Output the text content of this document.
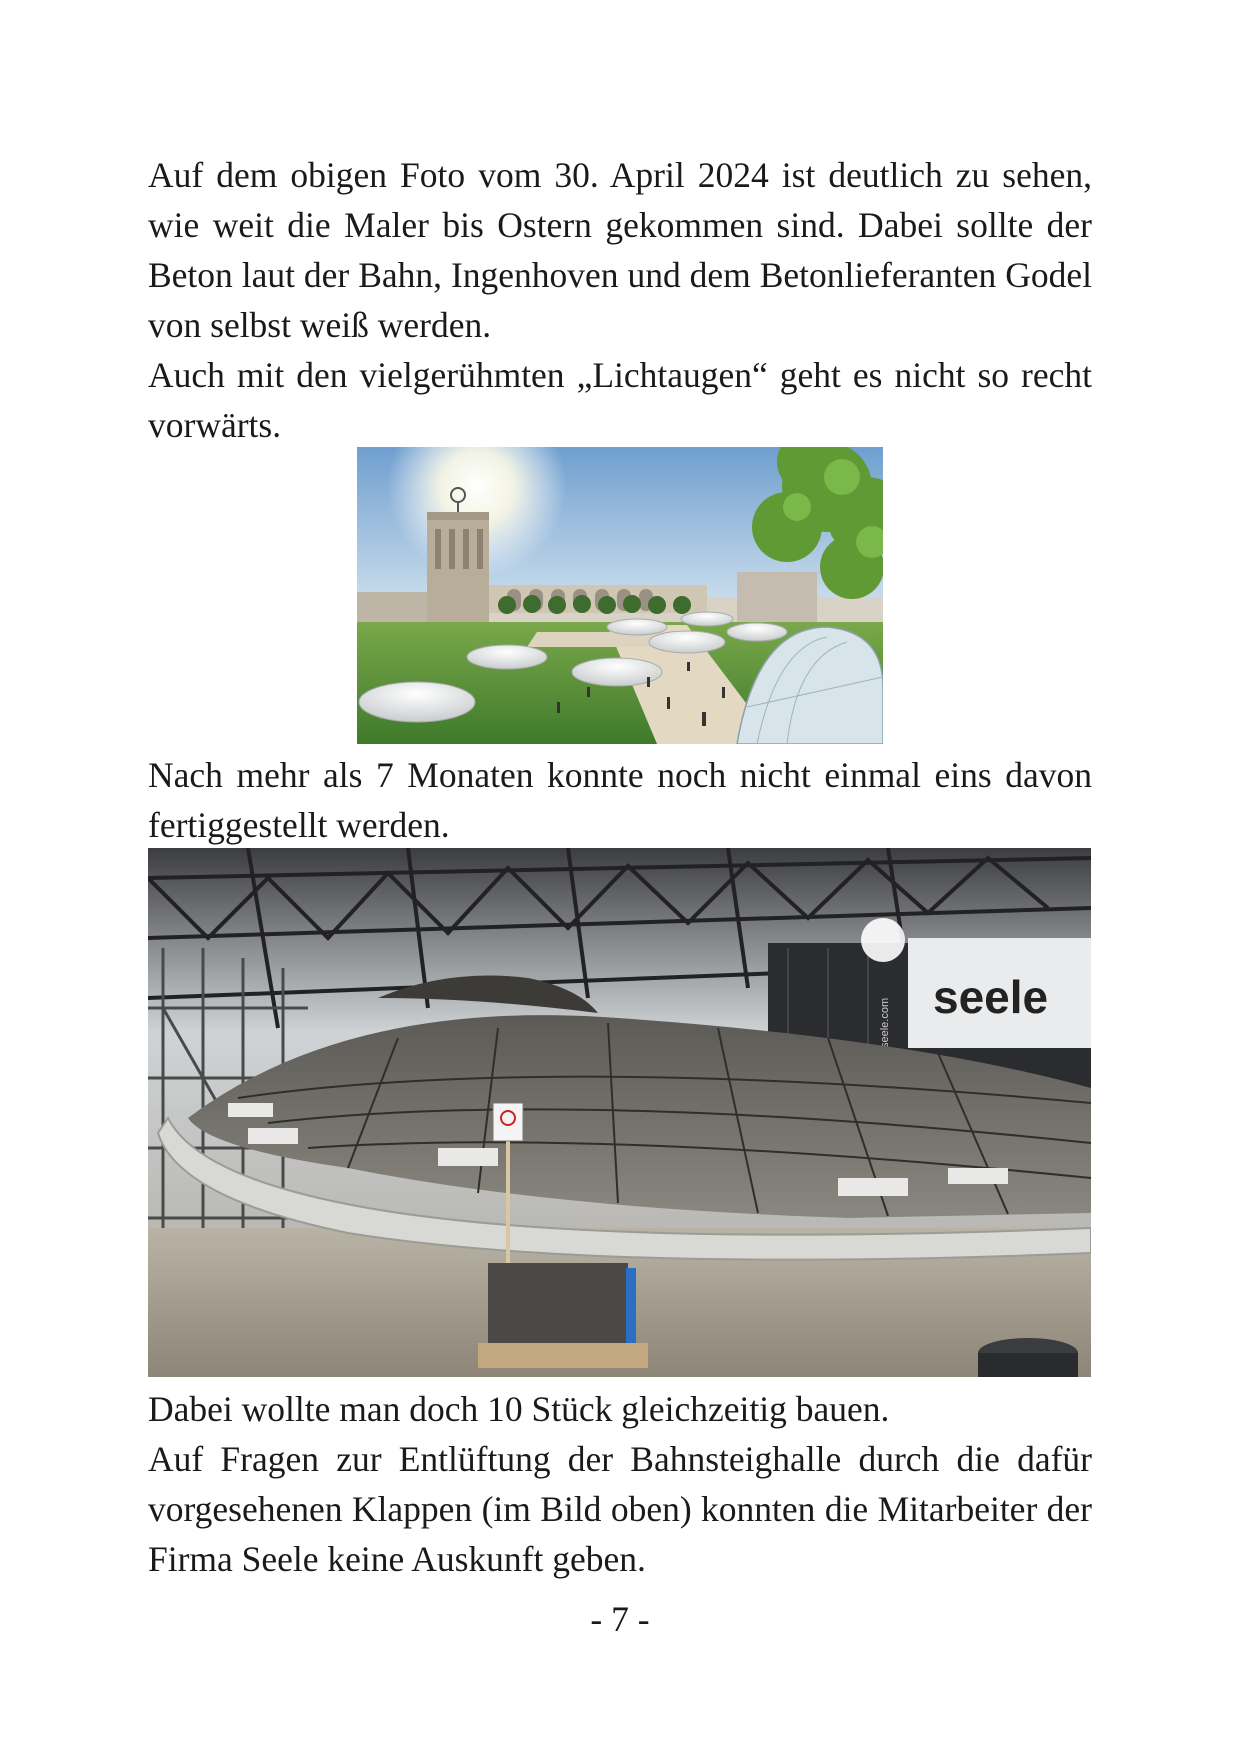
Auf dem obigen Foto vom 30. April 2024 ist deutlich zu sehen, wie weit die Maler bis Ostern gekommen sind. Dabei sollte der Beton laut der Bahn, Ingenhoven und dem Betonlieferanten Godel von selbst weiß werden.

Auch mit den vielgerühmten „Lichtaugen“ geht es nicht so recht vorwärts.

Nach mehr als 7 Monaten konnte noch nicht einmal eins davon fertiggestellt werden.

seele
seele.com

Dabei wollte man doch 10 Stück gleichzeitig bauen.

Auf Fragen zur Entlüftung der Bahnsteighalle durch die dafür vorgesehenen Klappen (im Bild oben) konnten die Mitarbeiter der Firma Seele keine Auskunft geben.

- 7 -
